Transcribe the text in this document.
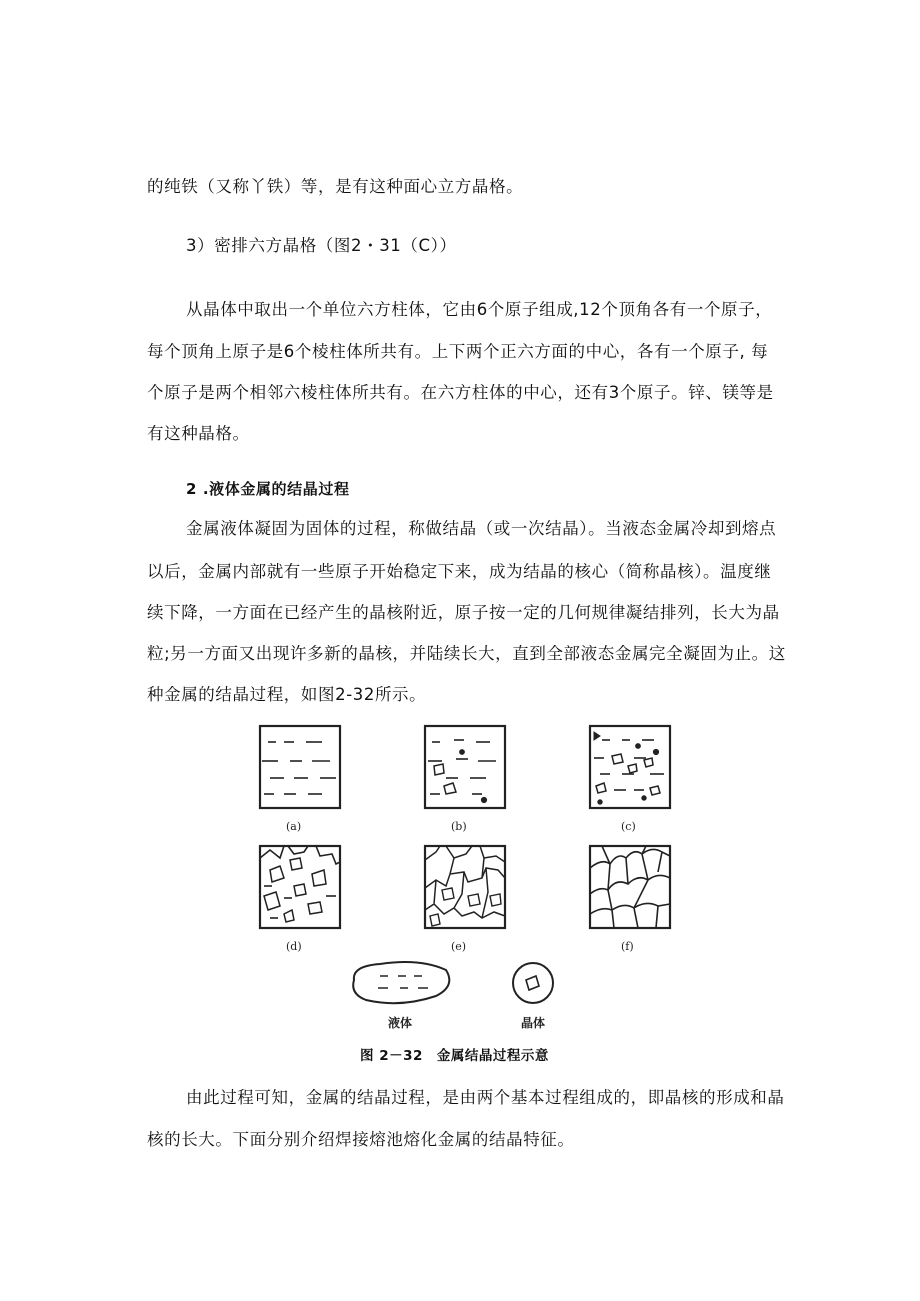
的纯铁（又称丫铁）等，是有这种面心立方晶格。
3）密排六方晶格（图2・31（C））
从晶体中取出一个单位六方柱体，它由6个原子组成,12个顶角各有一个原子，
每个顶角上原子是6个棱柱体所共有。上下两个正六方面的中心，各有一个原子, 每
个原子是两个相邻六棱柱体所共有。在六方柱体的中心，还有3个原子。锌、镁等是
有这种晶格。
2 .液体金属的结晶过程
金属液体凝固为固体的过程，称做结晶（或一次结晶）。当液态金属冷却到熔点
以后，金属内部就有一些原子开始稳定下来，成为结晶的核心（简称晶核）。温度继
续下降，一方面在已经产生的晶核附近，原子按一定的几何规律凝结排列，长大为晶
粒;另一方面又出现许多新的晶核，并陆续长大，直到全部液态金属完全凝固为止。这
种金属的结晶过程，如图2-32所示。
(a)	(b)	(c)
(d)	(e)	(f)
液体	晶体
图 2－32　金属结晶过程示意
由此过程可知，金属的结晶过程，是由两个基本过程组成的，即晶核的形成和晶
核的长大。下面分别介绍焊接熔池熔化金属的结晶特征。
